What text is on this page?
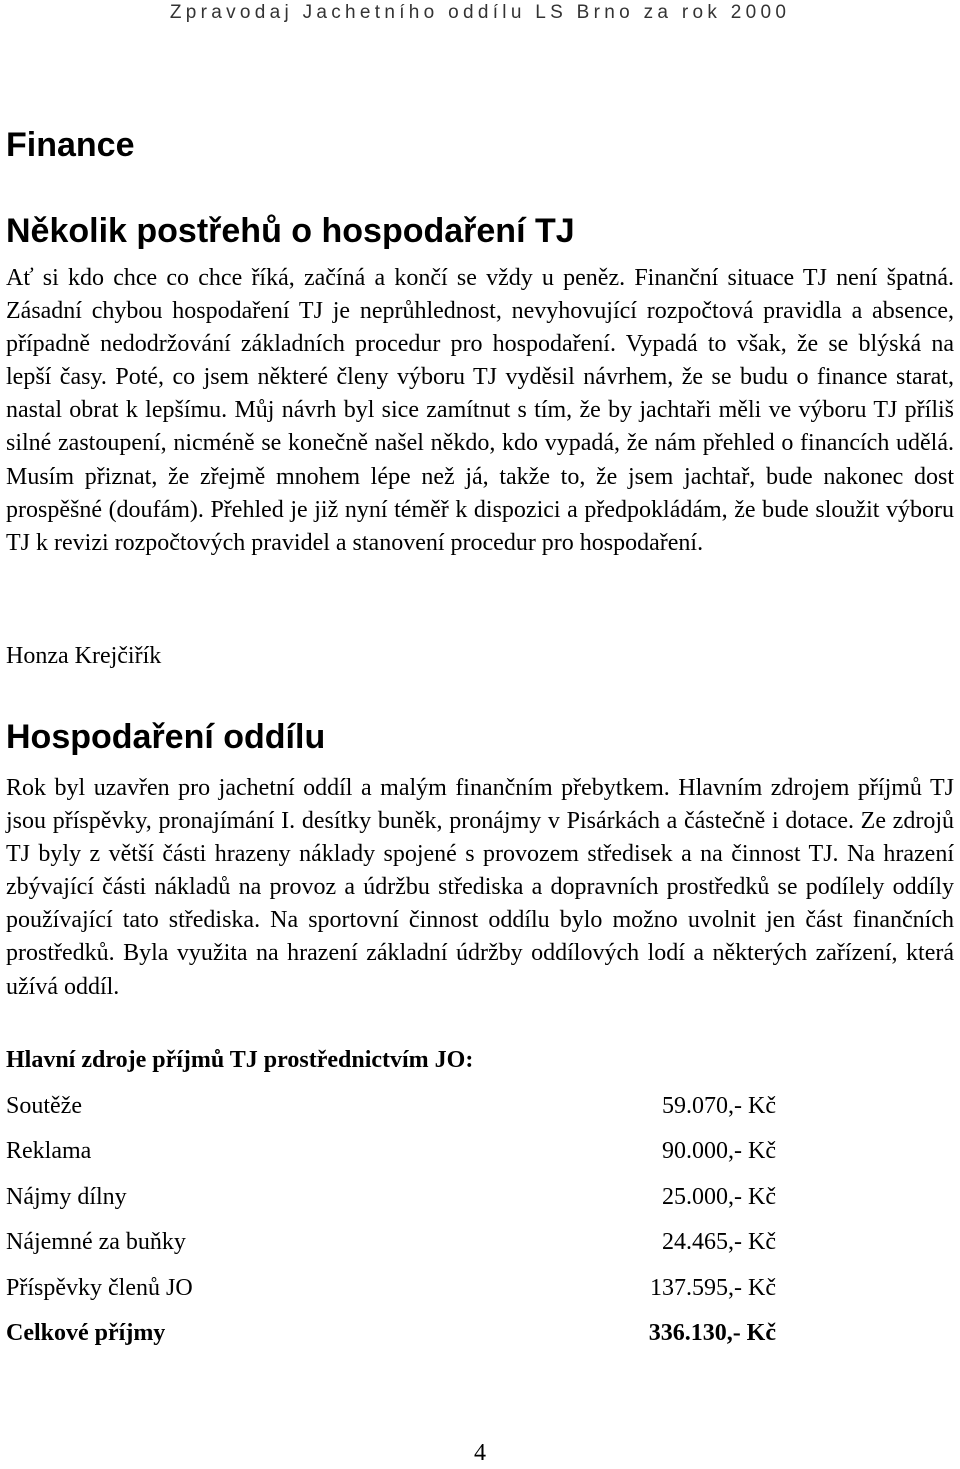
Zpravodaj Jachetního oddílu LS Brno za rok 2000
Finance
Několik postřehů o hospodaření TJ

Ať si kdo chce co chce říká, začíná a končí se vždy u peněz. Finanční situace TJ není špatná. Zásadní chybou hospodaření TJ je neprůhlednost, nevyhovující rozpočtová pravidla a absence, případně nedodržování základních procedur pro hospodaření. Vypadá to však, že se blýská na lepší časy. Poté, co jsem některé členy výboru TJ vyděsil návrhem, že se budu o finance starat, nastal obrat k lepšímu. Můj návrh byl sice zamítnut s tím, že by jachtaři měli ve výboru TJ příliš silné zastoupení, nicméně se konečně našel někdo, kdo vypadá, že nám přehled o financích udělá. Musím přiznat, že zřejmě mnohem lépe než já, takže to, že jsem jachtař, bude nakonec dost prospěšné (doufám). Přehled je již nyní téměř k dispozici a předpokládám, že bude sloužit výboru TJ k revizi rozpočtových pravidel a stanovení procedur pro hospodaření.

Honza Krejčiřík

Hospodaření oddílu

Rok byl uzavřen pro jachetní oddíl a malým finančním přebytkem. Hlavním zdrojem příjmů TJ jsou příspěvky, pronajímání I. desítky buněk, pronájmy v Pisárkách a částečně i dotace. Ze zdrojů TJ byly z větší části hrazeny náklady spojené s provozem středisek a na činnost TJ. Na hrazení zbývající části nákladů na provoz a údržbu střediska a dopravních prostředků se podílely oddíly používající tato střediska. Na sportovní činnost oddílu bylo možno uvolnit jen část finančních prostředků. Byla využita na hrazení základní údržby oddílových lodí a některých zařízení, která užívá oddíl.

Hlavní zdroje příjmů TJ prostřednictvím JO:

Soutěže	59.070,- Kč
Reklama	90.000,- Kč
Nájmy dílny	25.000,- Kč
Nájemné za buňky	24.465,- Kč
Příspěvky členů JO	137.595,- Kč
Celkové příjmy	336.130,- Kč
4
